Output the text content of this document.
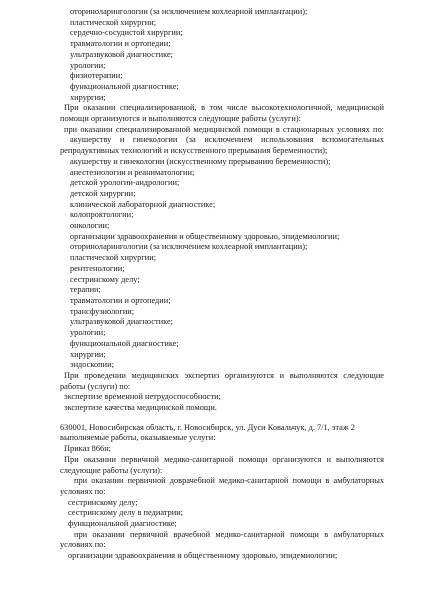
оториноларингологии (за исключением кохлеарной имплантации);
пластической хирургии;
сердечно-сосудистой хирургии;
травматологии и ортопедии;
ультразвуковой диагностике;
урологии;
физиотерапии;
функциональной диагностике;
хирургии;
При оказании специализированной, в том числе высокотехнологичной, медицинской
помощи организуются и выполняются следующие работы (услуги):
при оказании специализированной медицинской помощи в стационарных условиях по:
акушерству и гинекологии (за исключением использования вспомогательных
репродуктивных технологий и искусственного прерывания беременности);
акушерству и гинекологии (искусственному прерыванию беременности);
анестезиологии и реаниматологии;
детской урологии-андрологии;
детской хирургии;
клинической лабораторной диагностике;
колопроктологии;
онкологии;
организации здравоохранения и общественному здоровью, эпидемиологии;
оториноларингологии (за исключением кохлеарной имплантации);
пластической хирургии;
рентгенологии;
сестринскому делу;
терапии;
травматологии и ортопедии;
трансфузиологии;
ультразвуковой диагностике;
урологии;
функциональной диагностике;
хирургии;
эндоскопии;
При проведении медицинских экспертиз организуются и выполняются следующие
работы (услуги) по:
экспертизе временной нетрудоспособности;
экспертизе качества медицинской помощи.
630001, Новосибирская область, г. Новосибирск, ул. Дуси Ковальчук, д. 7/1, этаж 2
выполняемые работы, оказываемые услуги:
Приказ 866н;
При оказании первичной медико-санитарной помощи организуются и выполняются
следующие работы (услуги):
при оказании первичной доврачебной медико-санитарной помощи в амбулаторных
условиях по:
сестринскому делу;
сестринскому делу в педиатрии;
функциональной диагностике;
при оказании первичной врачебной медико-санитарной помощи в амбулаторных
условиях по:
организации здравоохранения и общественному здоровью, эпидемиологии;
